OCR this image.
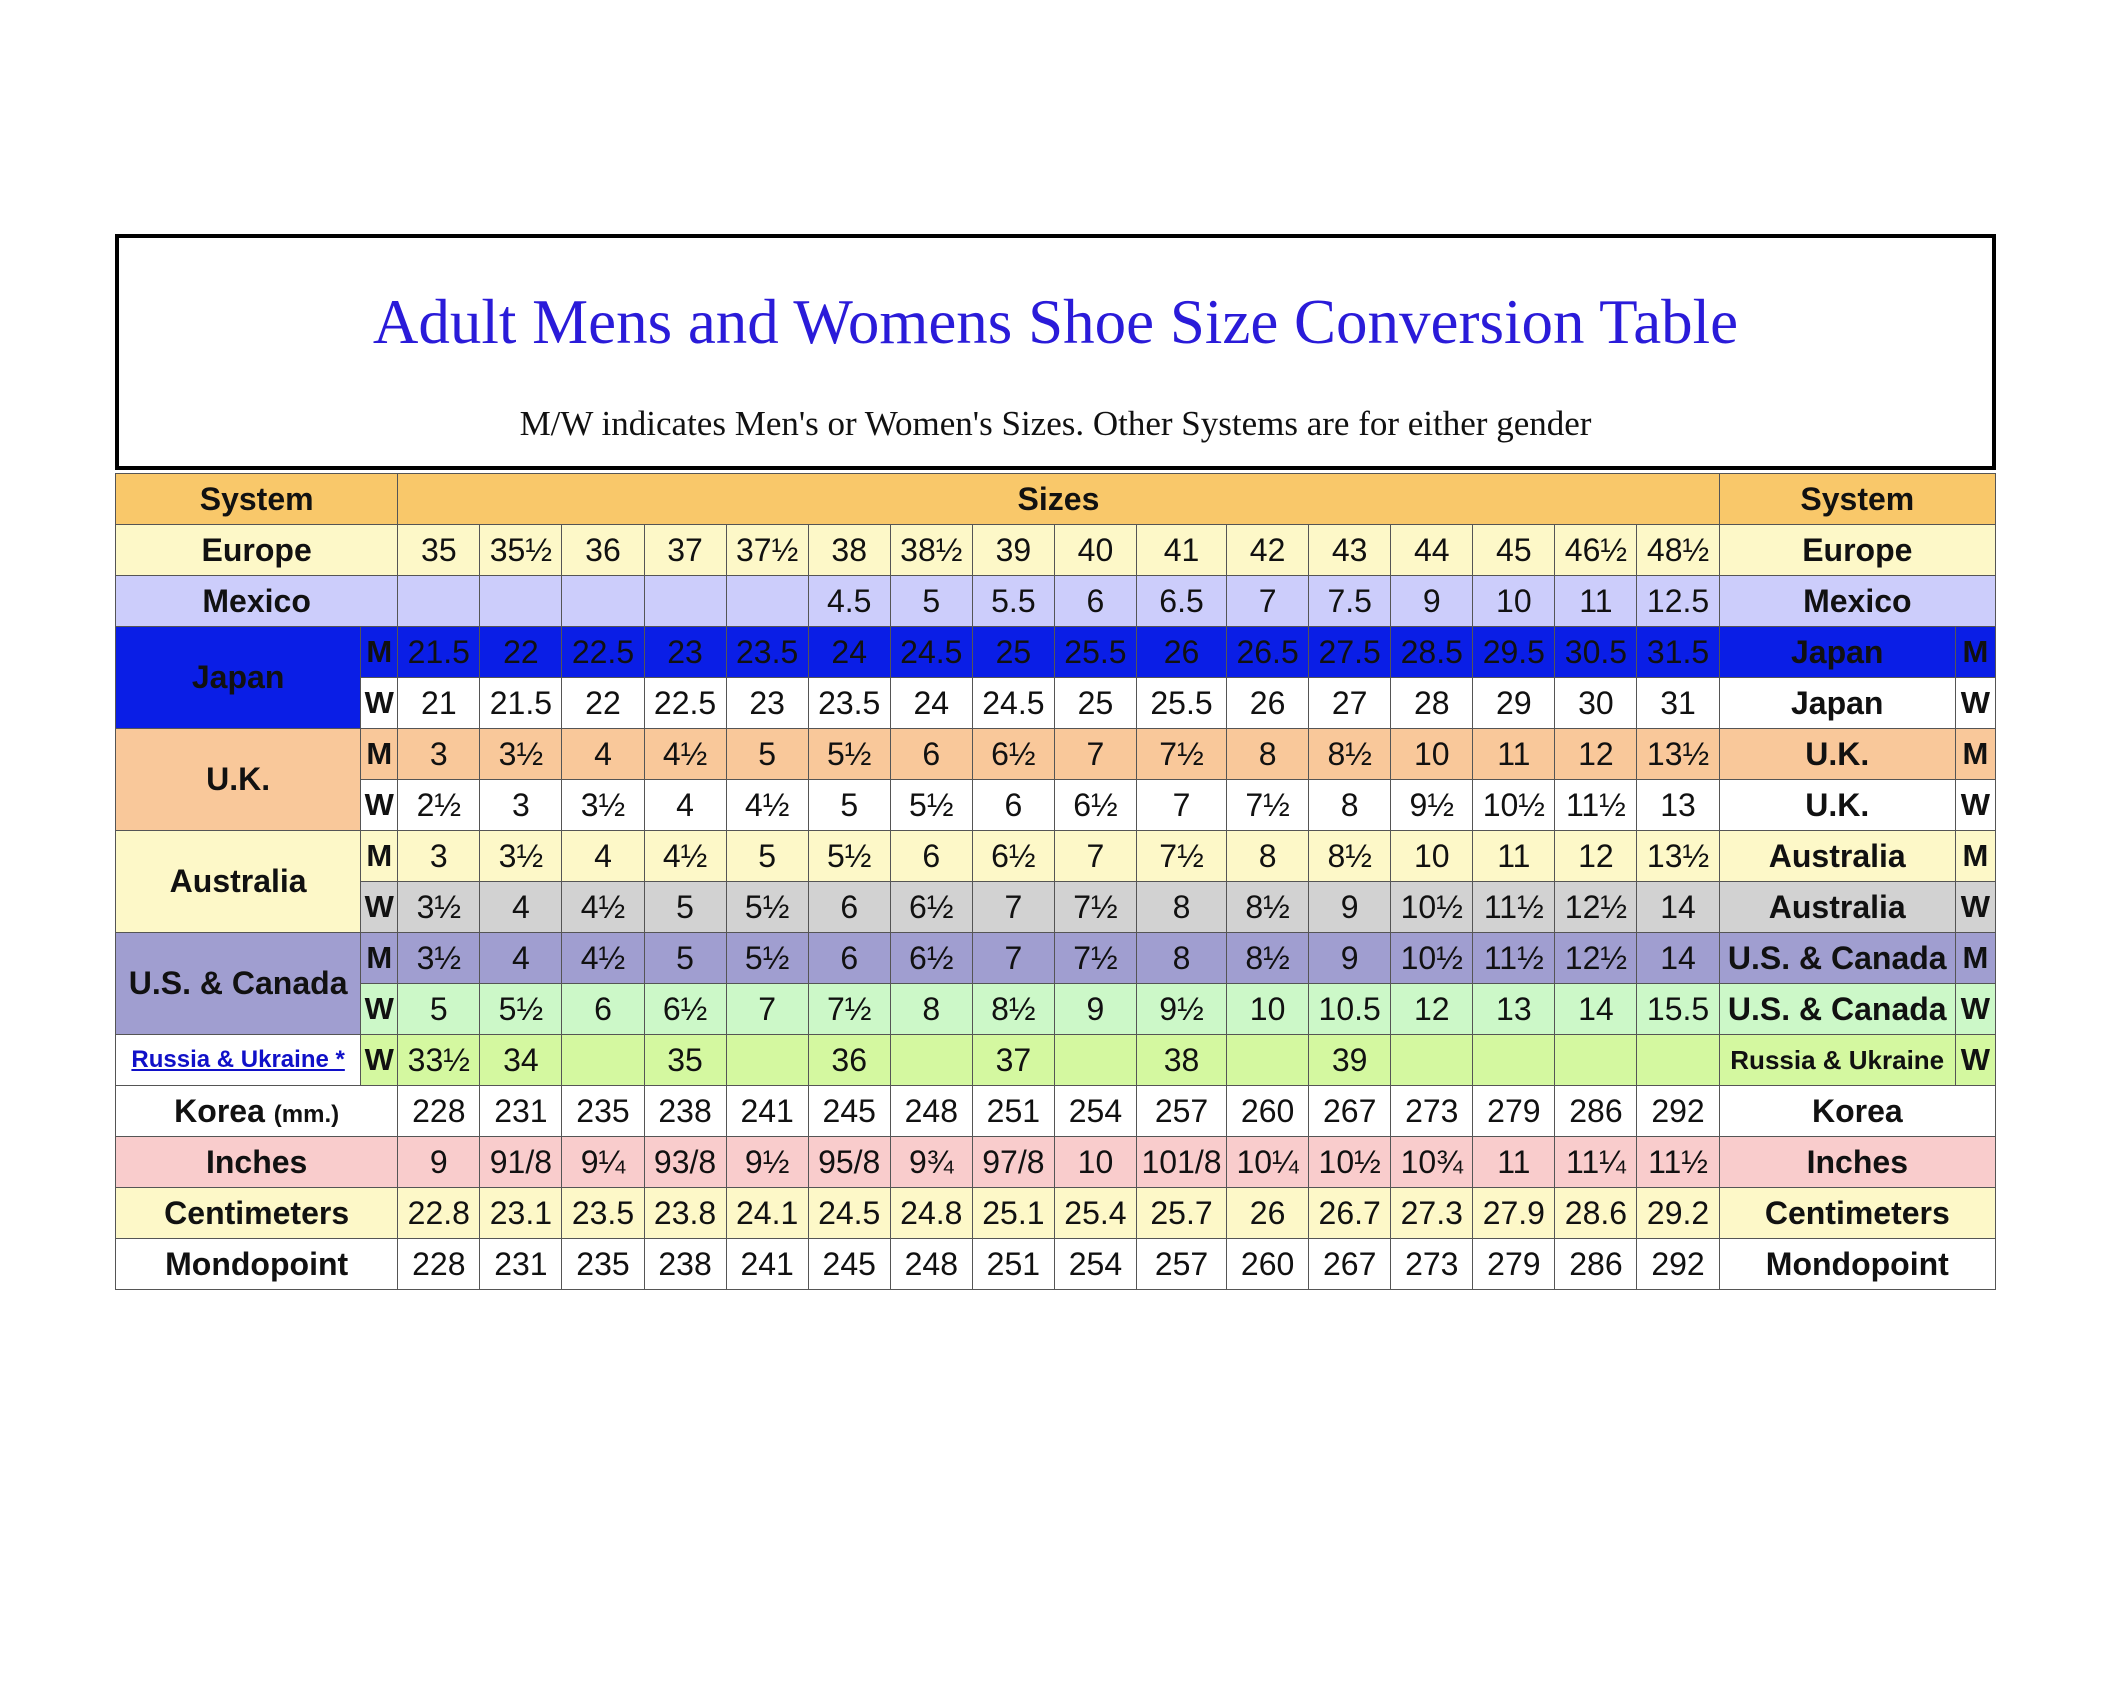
Adult Mens and Womens Shoe Size Conversion Table
M/W indicates Men's or Women's Sizes. Other Systems are for either gender
System		Sizes																System	
Europe		35	35½	36	37	37½	38	38½	39	40	41	42	43	44	45	46½	48½	Europe	
Mexico							4.5	5	5.5	6	6.5	7	7.5	9	10	11	12.5	Mexico	
Japan	M	21.5	22	22.5	23	23.5	24	24.5	25	25.5	26	26.5	27.5	28.5	29.5	30.5	31.5	Japan	M
	W	21	21.5	22	22.5	23	23.5	24	24.5	25	25.5	26	27	28	29	30	31	Japan	W
U.K.	M	3	3½	4	4½	5	5½	6	6½	7	7½	8	8½	10	11	12	13½	U.K.	M
	W	2½	3	3½	4	4½	5	5½	6	6½	7	7½	8	9½	10½	11½	13	U.K.	W
Australia	M	3	3½	4	4½	5	5½	6	6½	7	7½	8	8½	10	11	12	13½	Australia	M
	W	3½	4	4½	5	5½	6	6½	7	7½	8	8½	9	10½	11½	12½	14	Australia	W
U.S. & Canada	M	3½	4	4½	5	5½	6	6½	7	7½	8	8½	9	10½	11½	12½	14	U.S. & Canada	M
	W	5	5½	6	6½	7	7½	8	8½	9	9½	10	10.5	12	13	14	15.5	U.S. & Canada	W
Russia & Ukraine *	W	33½	34		35		36		37		38		39					Russia & Ukraine	W
Korea (mm.)		228	231	235	238	241	245	248	251	254	257	260	267	273	279	286	292	Korea	
Inches		9	91/8	9¼	93/8	9½	95/8	9¾	97/8	10	101/8	10¼	10½	10¾	11	11¼	11½	Inches	
Centimeters		22.8	23.1	23.5	23.8	24.1	24.5	24.8	25.1	25.4	25.7	26	26.7	27.3	27.9	28.6	29.2	Centimeters	
Mondopoint		228	231	235	238	241	245	248	251	254	257	260	267	273	279	286	292	Mondopoint	
